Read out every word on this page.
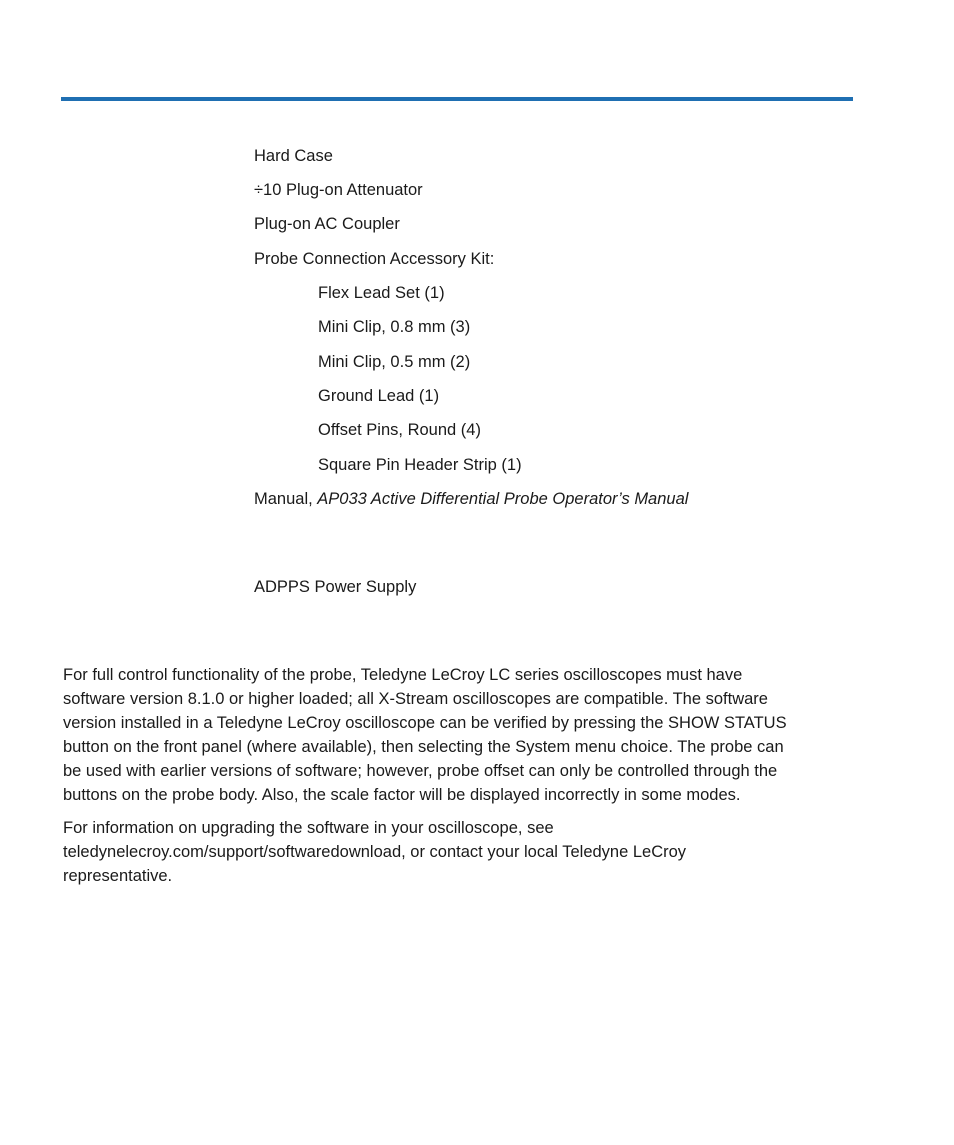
Hard Case
÷10 Plug-on Attenuator
Plug-on AC Coupler
Probe Connection Accessory Kit:
Flex Lead Set (1)
Mini Clip, 0.8 mm (3)
Mini Clip, 0.5 mm (2)
Ground Lead (1)
Offset Pins, Round (4)
Square Pin Header Strip (1)
Manual, AP033 Active Differential Probe Operator’s Manual
ADPPS Power Supply

For full control functionality of the probe, Teledyne LeCroy LC series oscilloscopes must have
software version 8.1.0 or higher loaded; all X-Stream oscilloscopes are compatible. The software
version installed in a Teledyne LeCroy oscilloscope can be verified by pressing the SHOW STATUS
button on the front panel (where available), then selecting the System menu choice. The probe can
be used with earlier versions of software; however, probe offset can only be controlled through the
buttons on the probe body. Also, the scale factor will be displayed incorrectly in some modes.

For information on upgrading the software in your oscilloscope, see
teledynelecroy.com/support/softwaredownload, or contact your local Teledyne LeCroy
representative.
